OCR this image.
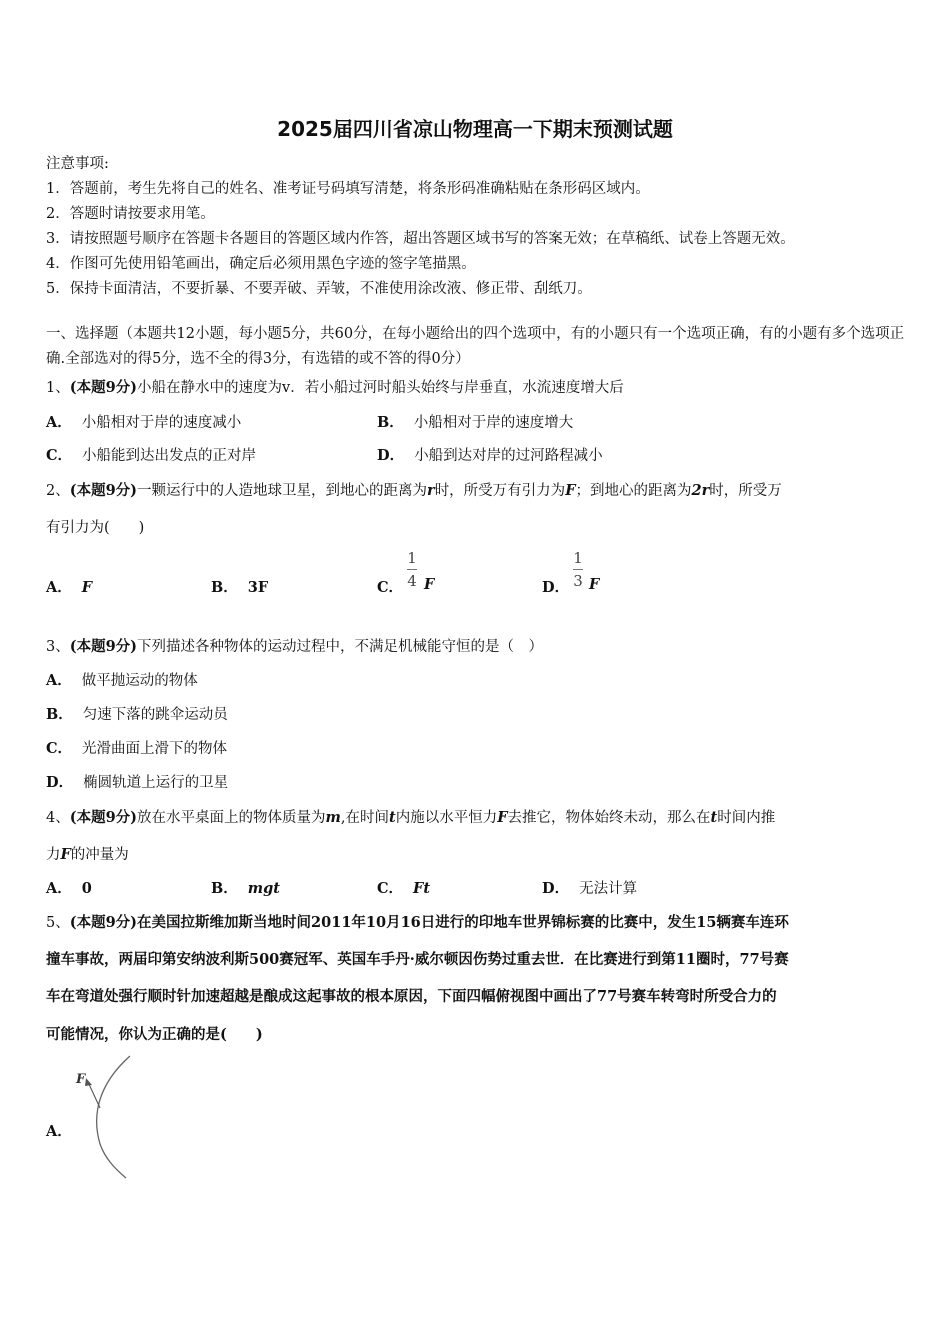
2025届四川省凉山物理高一下期末预测试题
注意事项:
1．答题前，考生先将自己的姓名、准考证号码填写清楚，将条形码准确粘贴在条形码区域内。
2．答题时请按要求用笔。
3．请按照题号顺序在答题卡各题目的答题区域内作答，超出答题区域书写的答案无效；在草稿纸、试卷上答题无效。
4．作图可先使用铅笔画出，确定后必须用黑色字迹的签字笔描黑。
5．保持卡面清洁，不要折暴、不要弄破、弄皱，不准使用涂改液、修正带、刮纸刀。
一、选择题（本题共12小题，每小题5分，共60分，在每小题给出的四个选项中，有的小题只有一个选项正确，有的小题有多个选项正确.全部选对的得5分，选不全的得3分，有选错的或不答的得0分）
1、(本题9分)小船在静水中的速度为v．若小船过河时船头始终与岸垂直，水流速度增大后
A． 小船相对于岸的速度减小	B． 小船相对于岸的速度增大
C． 小船能到达出发点的正对岸	D． 小船到达对岸的过河路程减小
2、(本题9分)一颗运行中的人造地球卫星，到地心的距离为r时，所受万有引力为F；到地心的距离为2r时，所受万
有引力为(　　)
A． F	B． 3F	C．
1
4 F	D．
1
3 F
3、(本题9分)下列描述各种物体的运动过程中，不满足机械能守恒的是（　）
A． 做平抛运动的物体
B． 匀速下落的跳伞运动员
C． 光滑曲面上滑下的物体
D． 椭圆轨道上运行的卫星
4、(本题9分)放在水平桌面上的物体质量为m,在时间t内施以水平恒力F去推它，物体始终未动，那么在t时间内推
力F的冲量为
A． 0	B． mgt	C． Ft	D． 无法计算
5、(本题9分)在美国拉斯维加斯当地时间2011年10月16日进行的印地车世界锦标赛的比赛中，发生15辆赛车连环
撞车事故，两届印第安纳波利斯500赛冠军、英国车手丹·威尔顿因伤势过重去世．在比赛进行到第11圈时，77号赛
车在弯道处强行顺时针加速超越是酿成这起事故的根本原因，下面四幅俯视图中画出了77号赛车转弯时所受合力的
可能情况，你认为正确的是(　　)
A．
F
